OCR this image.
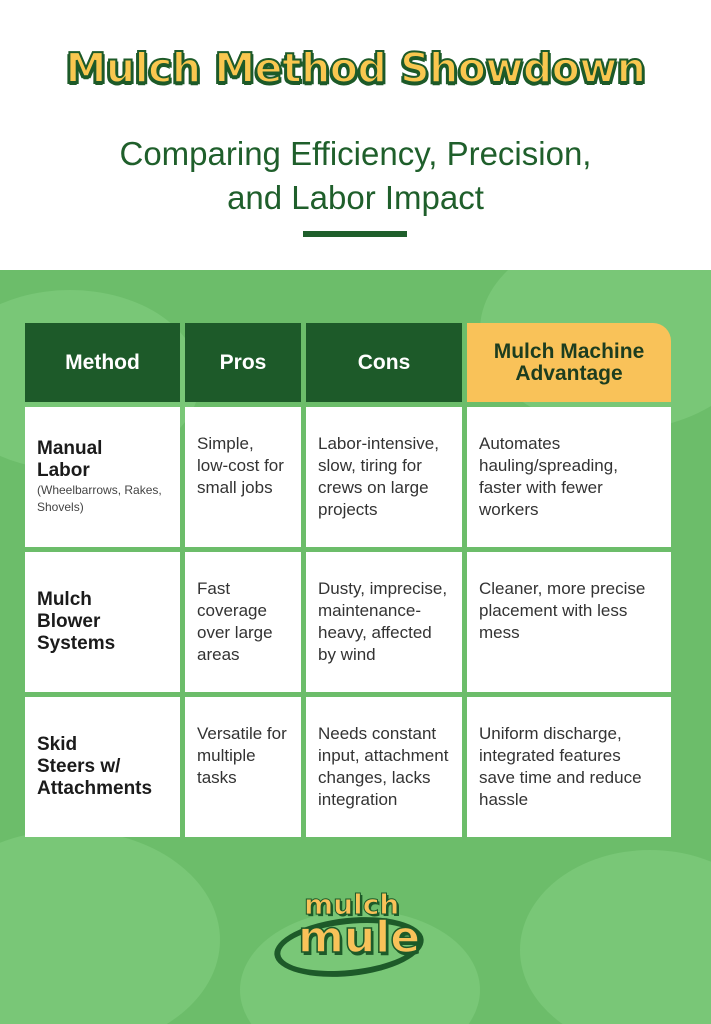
Mulch Method Showdown
Comparing Efficiency, Precision,
and Labor Impact
Method	Pros	Cons	Mulch Machine
Advantage

Manual
Labor
(Wheelbarrows, Rakes, Shovels)	Simple, low-cost for small jobs	Labor-intensive, slow, tiring for crews on large projects	Automates hauling/spreading, faster with fewer workers

Mulch
Blower Systems	Fast coverage over large areas	Dusty, imprecise, maintenance-heavy, affected by wind	Cleaner, more precise placement with less mess

Skid
Steers w/ Attachments	Versatile for multiple tasks	Needs constant input, attachment changes, lacks integration	Uniform discharge, integrated features save time and reduce hassle
mulch
mule
